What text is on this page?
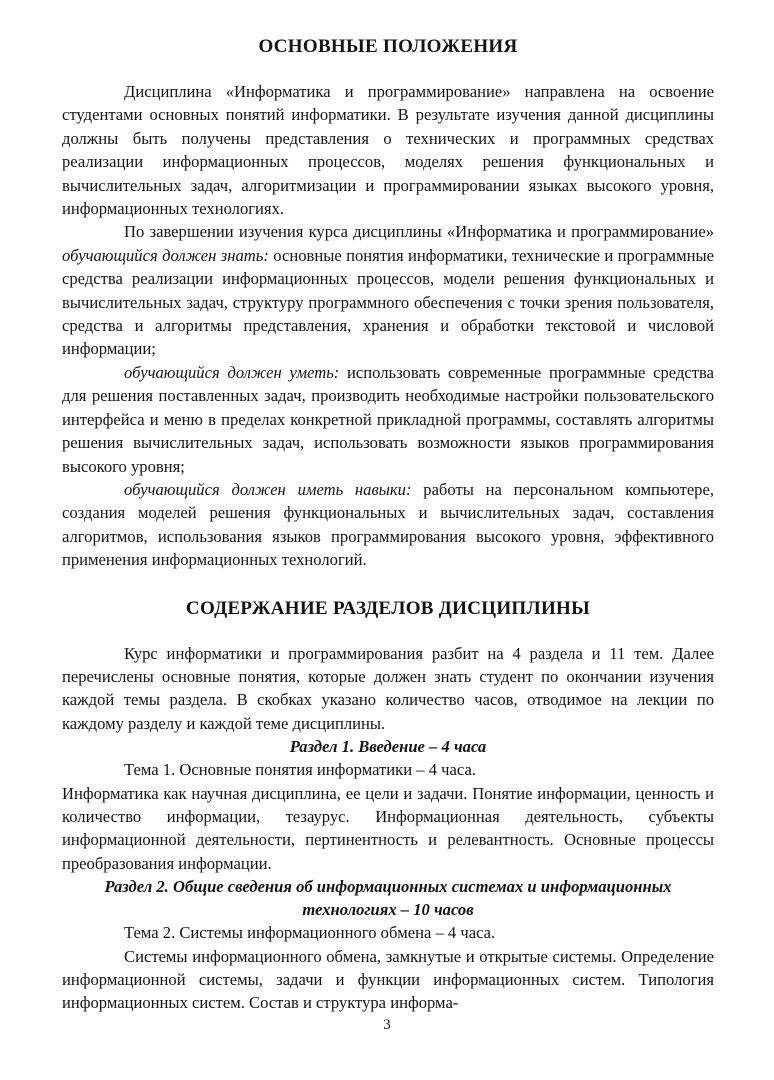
ОСНОВНЫЕ ПОЛОЖЕНИЯ

Дисциплина «Информатика и программирование» направлена на освоение студентами основных понятий информатики. В результате изучения данной дисциплины должны быть получены представления о технических и программных средствах реализации информационных процессов, моделях решения функциональных и вычислительных задач, алгоритмизации и программировании языках высокого уровня, информационных технологиях.

По завершении изучения курса дисциплины «Информатика и программирование» обучающийся должен знать: основные понятия информатики, технические и программные средства реализации информационных процессов, модели решения функциональных и вычислительных задач, структуру программного обеспечения с точки зрения пользователя, средства и алгоритмы представления, хранения и обработки текстовой и числовой информации;

обучающийся должен уметь: использовать современные программные средства для решения поставленных задач, производить необходимые настройки пользовательского интерфейса и меню в пределах конкретной прикладной программы, составлять алгоритмы решения вычислительных задач, использовать возможности языков программирования высокого уровня;

обучающийся должен иметь навыки: работы на персональном компьютере, создания моделей решения функциональных и вычислительных задач, составления алгоритмов, использования языков программирования высокого уровня, эффективного применения информационных технологий.

СОДЕРЖАНИЕ РАЗДЕЛОВ ДИСЦИПЛИНЫ

Курс информатики и программирования разбит на 4 раздела и 11 тем. Далее перечислены основные понятия, которые должен знать студент по окончании изучения каждой темы раздела. В скобках указано количество часов, отводимое на лекции по каждому разделу и каждой теме дисциплины.

Раздел 1. Введение – 4 часа

Тема 1. Основные понятия информатики – 4 часа.

Информатика как научная дисциплина, ее цели и задачи. Понятие информации, ценность и количество информации, тезаурус. Информационная деятельность, субъекты информационной деятельности, пертинентность и релевантность. Основные процессы преобразования информации.

Раздел 2. Общие сведения об информационных системах и информационных технологиях – 10 часов

Тема 2. Системы информационного обмена – 4 часа.

Системы информационного обмена, замкнутые и открытые системы. Определение информационной системы, задачи и функции информационных систем. Типология информационных систем. Состав и структура информа-

3
